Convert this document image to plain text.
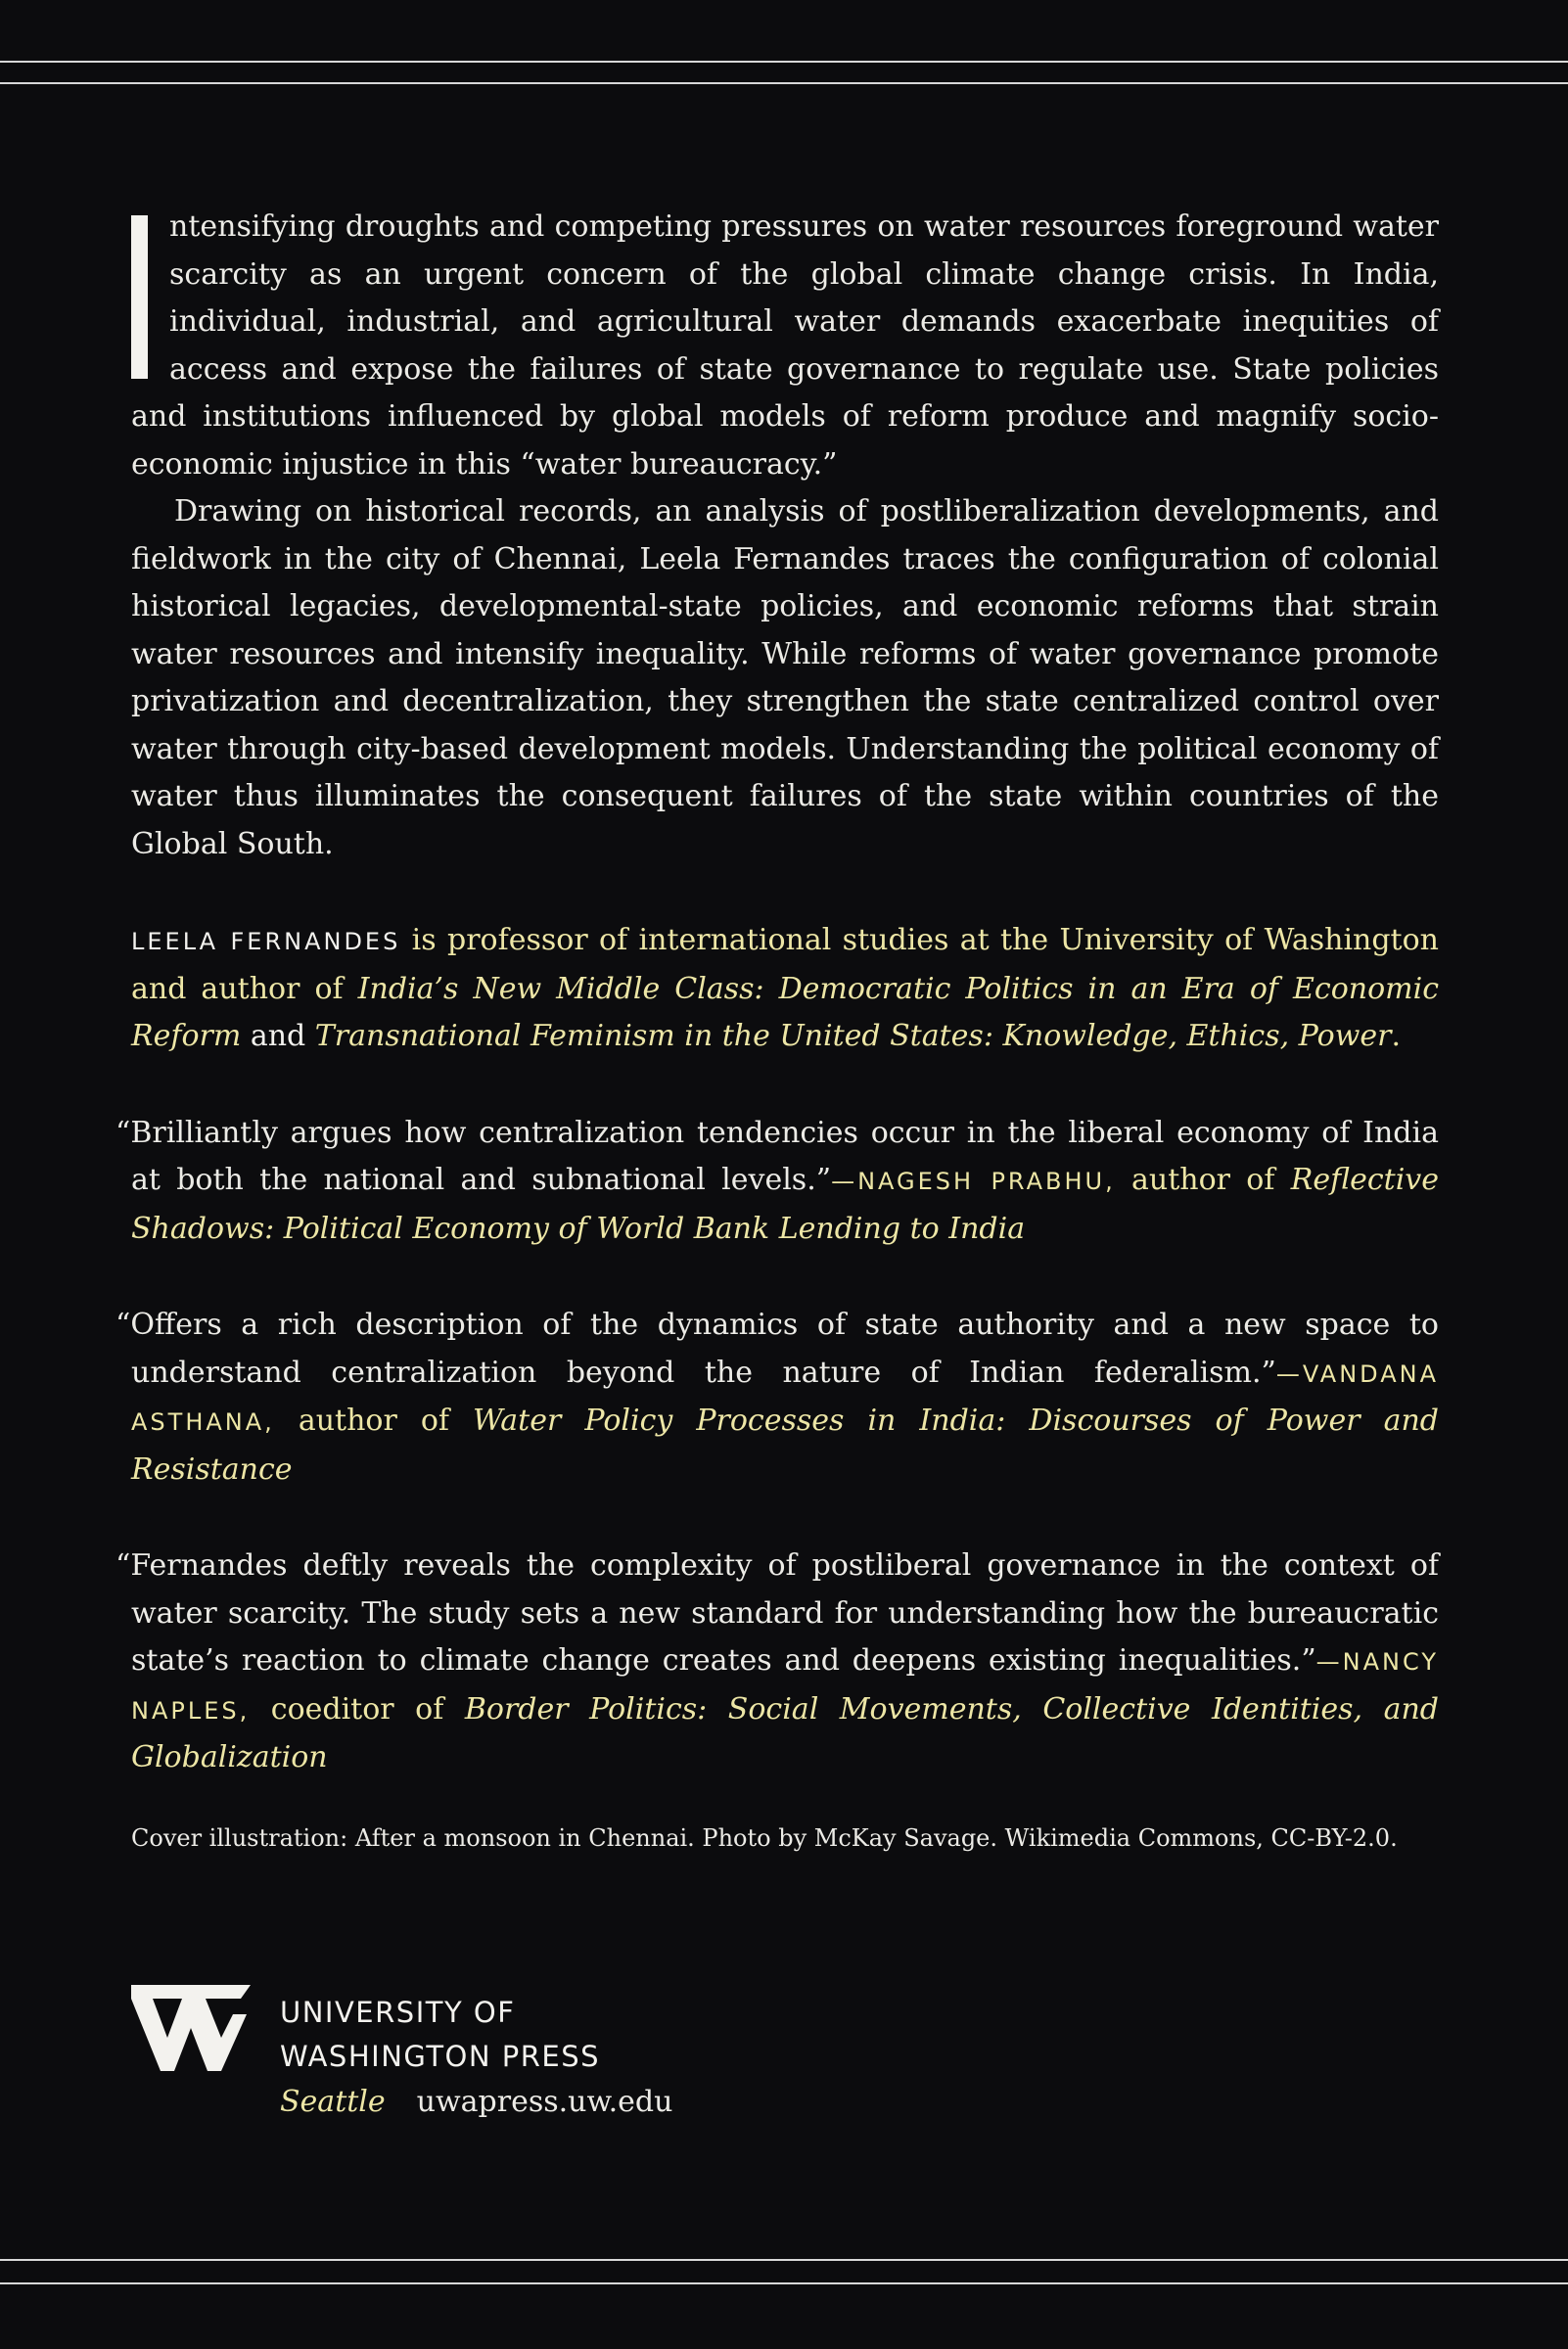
ntensifying droughts and competing pressures on water resources foreground water scarcity as an urgent concern of the global climate change crisis. In India, individual, industrial, and agricultural water demands exacerbate inequities of access and expose the failures of state governance to regulate use. State policies and institutions influenced by global models of reform produce and magnify socio-economic injustice in this “water bureaucracy.”

Drawing on historical records, an analysis of postliberalization developments, and fieldwork in the city of Chennai, Leela Fernandes traces the configuration of colonial historical legacies, developmental-state policies, and economic reforms that strain water resources and intensify inequality. While reforms of water governance promote privatization and decentralization, they strengthen the state centralized control over water through city-based development models. Understanding the political economy of water thus illuminates the consequent failures of the state within countries of the Global South.

LEELA FERNANDES is professor of international studies at the University of Washington and author of India’s New Middle Class: Democratic Politics in an Era of Economic Reform and Transnational Feminism in the United States: Knowledge, Ethics, Power.

“Brilliantly argues how centralization tendencies occur in the liberal economy of India at both the national and subnational levels.”—NAGESH PRABHU, author of Reflective Shadows: Political Economy of World Bank Lending to India

“Offers a rich description of the dynamics of state authority and a new space to understand centralization beyond the nature of Indian federalism.”—VANDANA ASTHANA, author of Water Policy Processes in India: Discourses of Power and Resistance

“Fernandes deftly reveals the complexity of postliberal governance in the context of water scarcity. The study sets a new standard for understanding how the bureaucratic state’s reaction to climate change creates and deepens existing inequalities.”—NANCY NAPLES, coeditor of Border Politics: Social Movements, Collective Identities, and Globalization

Cover illustration: After a monsoon in Chennai. Photo by McKay Savage. Wikimedia Commons, CC-BY-2.0.

UNIVERSITY OF
WASHINGTON PRESS
Seattle uwapress.uw.edu
